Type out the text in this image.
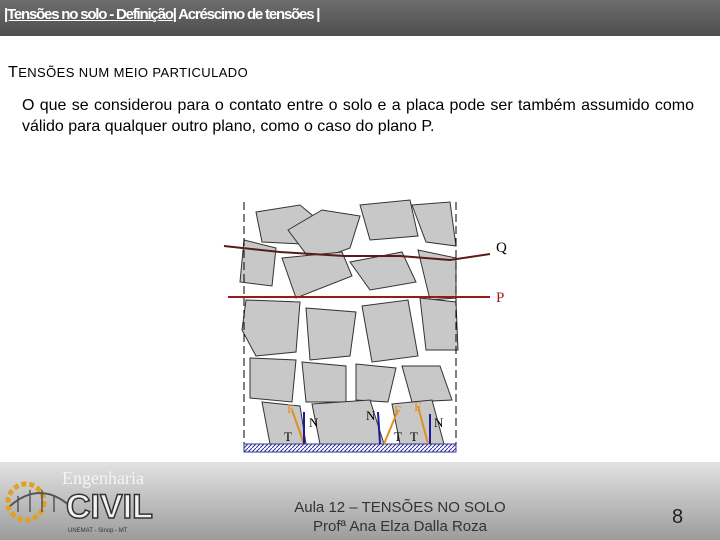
|Tensões no solo - Definição| Acréscimo de tensões |
TENSÕES NUM MEIO PARTICULADO
O que se considerou para o contato entre o solo e a placa pode ser também assumido como válido para qualquer outro plano, como o caso do plano P.
Q
P
F
N
T
N F
T
F
T
N
Engenharia
CIVIL
UNEMAT - Sinop - MT
Aula 12 – TENSÕES NO SOLO
Profª Ana Elza Dalla Roza	8
